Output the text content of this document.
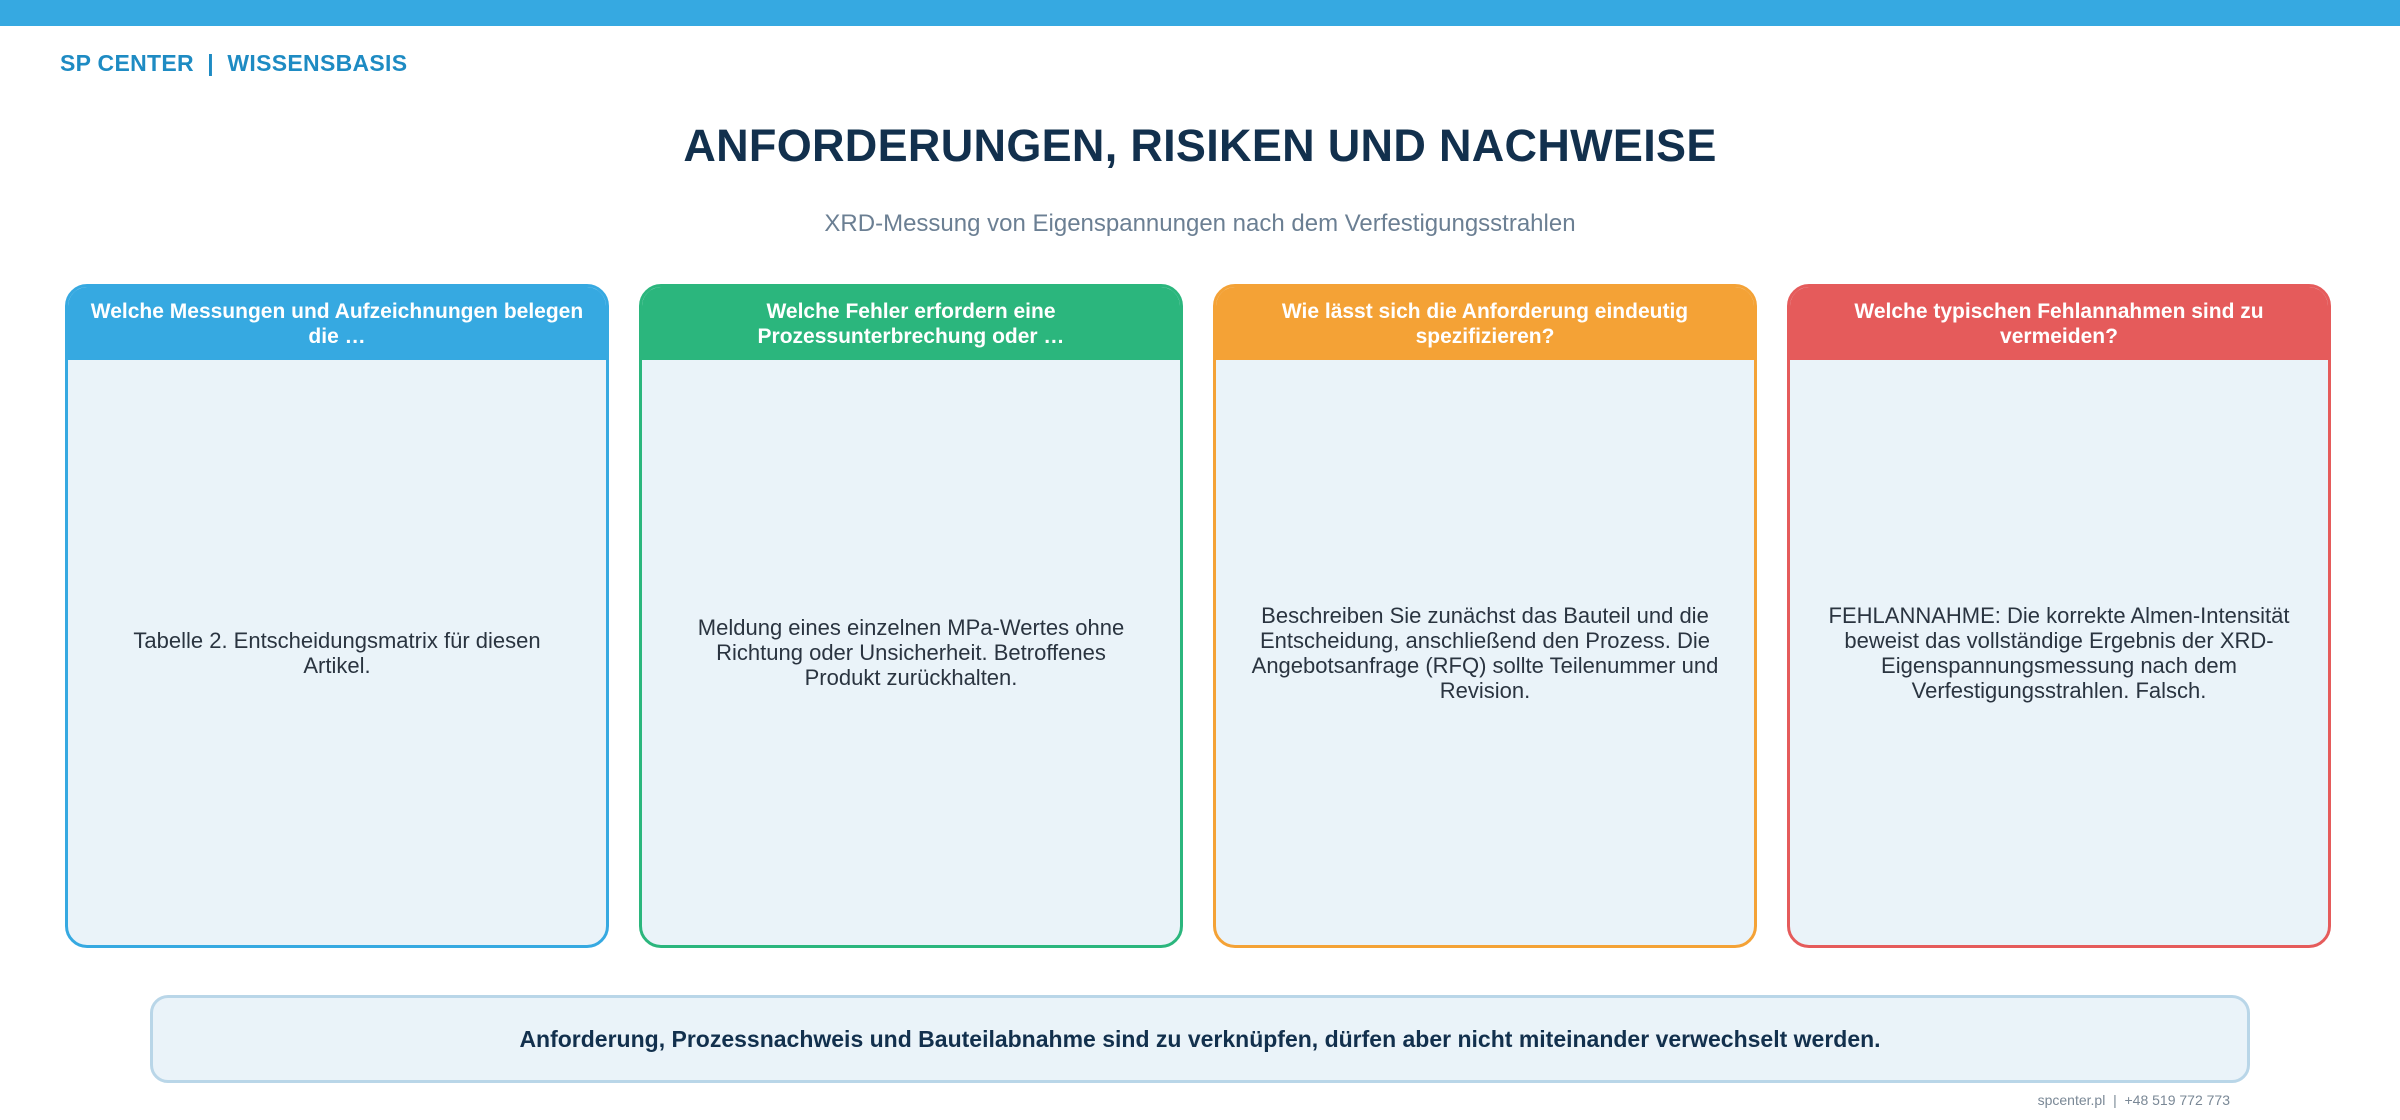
SP CENTER  |  WISSENSBASIS
ANFORDERUNGEN, RISIKEN UND NACHWEISE
XRD-Messung von Eigenspannungen nach dem Verfestigungsstrahlen
Welche Messungen und Aufzeichnungen belegen die …
Tabelle 2. Entscheidungsmatrix für diesen Artikel.
Welche Fehler erfordern eine Prozessunterbrechung oder …
Meldung eines einzelnen MPa-Wertes ohne Richtung oder Unsicherheit. Betroffenes Produkt zurückhalten.
Wie lässt sich die Anforderung eindeutig spezifizieren?
Beschreiben Sie zunächst das Bauteil und die Entscheidung, anschließend den Prozess. Die Angebotsanfrage (RFQ) sollte Teilenummer und Revision.
Welche typischen Fehlannahmen sind zu vermeiden?
FEHLANNAHME: Die korrekte Almen-Intensität beweist das vollständige Ergebnis der XRD-Eigenspannungsmessung nach dem Verfestigungsstrahlen. Falsch.
Anforderung, Prozessnachweis und Bauteilabnahme sind zu verknüpfen, dürfen aber nicht miteinander verwechselt werden.
spcenter.pl  |  +48 519 772 773
